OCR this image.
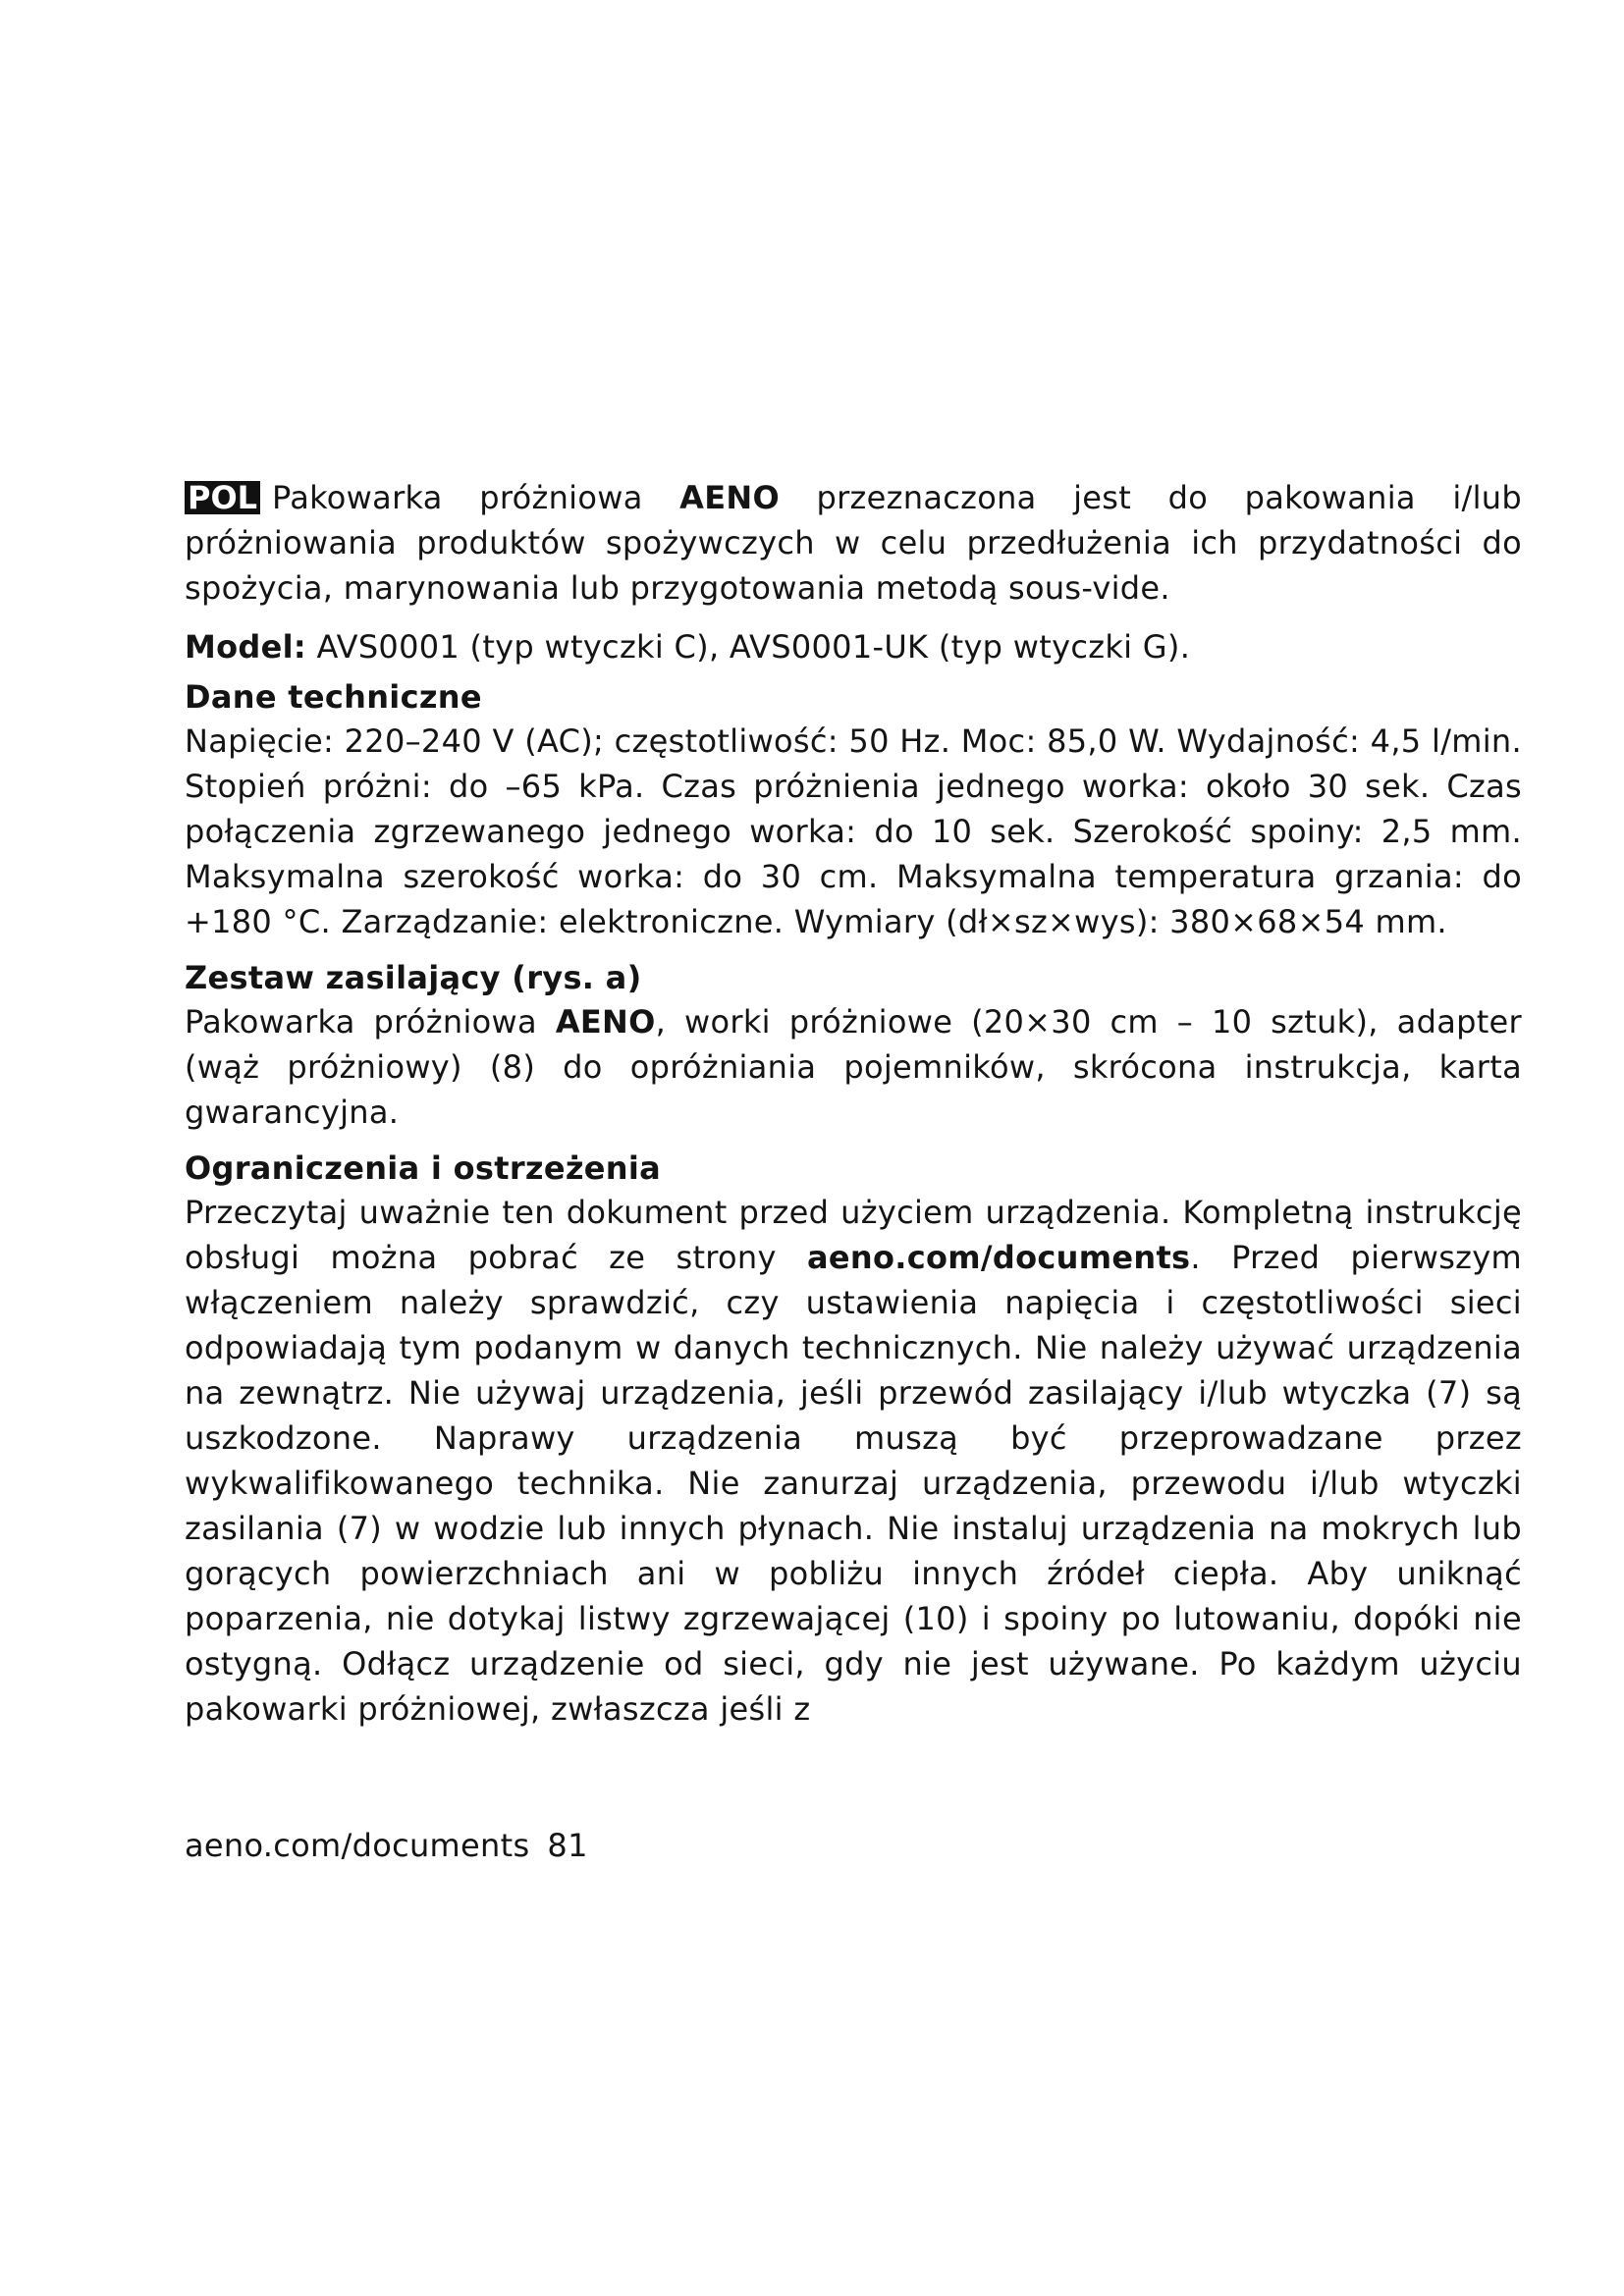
POL Pakowarka próżniowa AENO przeznaczona jest do pakowania i/lub próżniowania produktów spożywczych w celu przedłużenia ich przydatności do spożycia, marynowania lub przygotowania metodą sous-vide.

Model: AVS0001 (typ wtyczki C), AVS0001-UK (typ wtyczki G).

Dane techniczne

Napięcie: 220–240 V (AC); częstotliwość: 50 Hz. Moc: 85,0 W. Wydajność: 4,5 l/min. Stopień próżni: do –65 kPa. Czas próżnienia jednego worka: około 30 sek. Czas połączenia zgrzewanego jednego worka: do 10 sek. Szerokość spoiny: 2,5 mm. Maksymalna szerokość worka: do 30 cm. Maksymalna temperatura grzania: do +180 °C. Zarządzanie: elektroniczne. Wymiary (dł×sz×wys): 380×68×54 mm.

Zestaw zasilający (rys. a)

Pakowarka próżniowa AENO, worki próżniowe (20×30 cm – 10 sztuk), adapter (wąż próżniowy) (8) do opróżniania pojemników, skrócona instrukcja, karta gwarancyjna.

Ograniczenia i ostrzeżenia

Przeczytaj uważnie ten dokument przed użyciem urządzenia. Kompletną instrukcję obsługi można pobrać ze strony aeno.com/documents. Przed pierwszym włączeniem należy sprawdzić, czy ustawienia napięcia i częstotliwości sieci odpowiadają tym podanym w danych technicznych. Nie należy używać urządzenia na zewnątrz. Nie używaj urządzenia, jeśli przewód zasilający i/lub wtyczka (7) są uszkodzone. Naprawy urządzenia muszą być przeprowadzane przez wykwalifikowanego technika. Nie zanurzaj urządzenia, przewodu i/lub wtyczki zasilania (7) w wodzie lub innych płynach. Nie instaluj urządzenia na mokrych lub gorących powierzchniach ani w pobliżu innych źródeł ciepła. Aby uniknąć poparzenia, nie dotykaj listwy zgrzewającej (10) i spoiny po lutowaniu, dopóki nie ostygną. Odłącz urządzenie od sieci, gdy nie jest używane. Po każdym użyciu pakowarki próżniowej, zwłaszcza jeśli z

aeno.com/documents 81
